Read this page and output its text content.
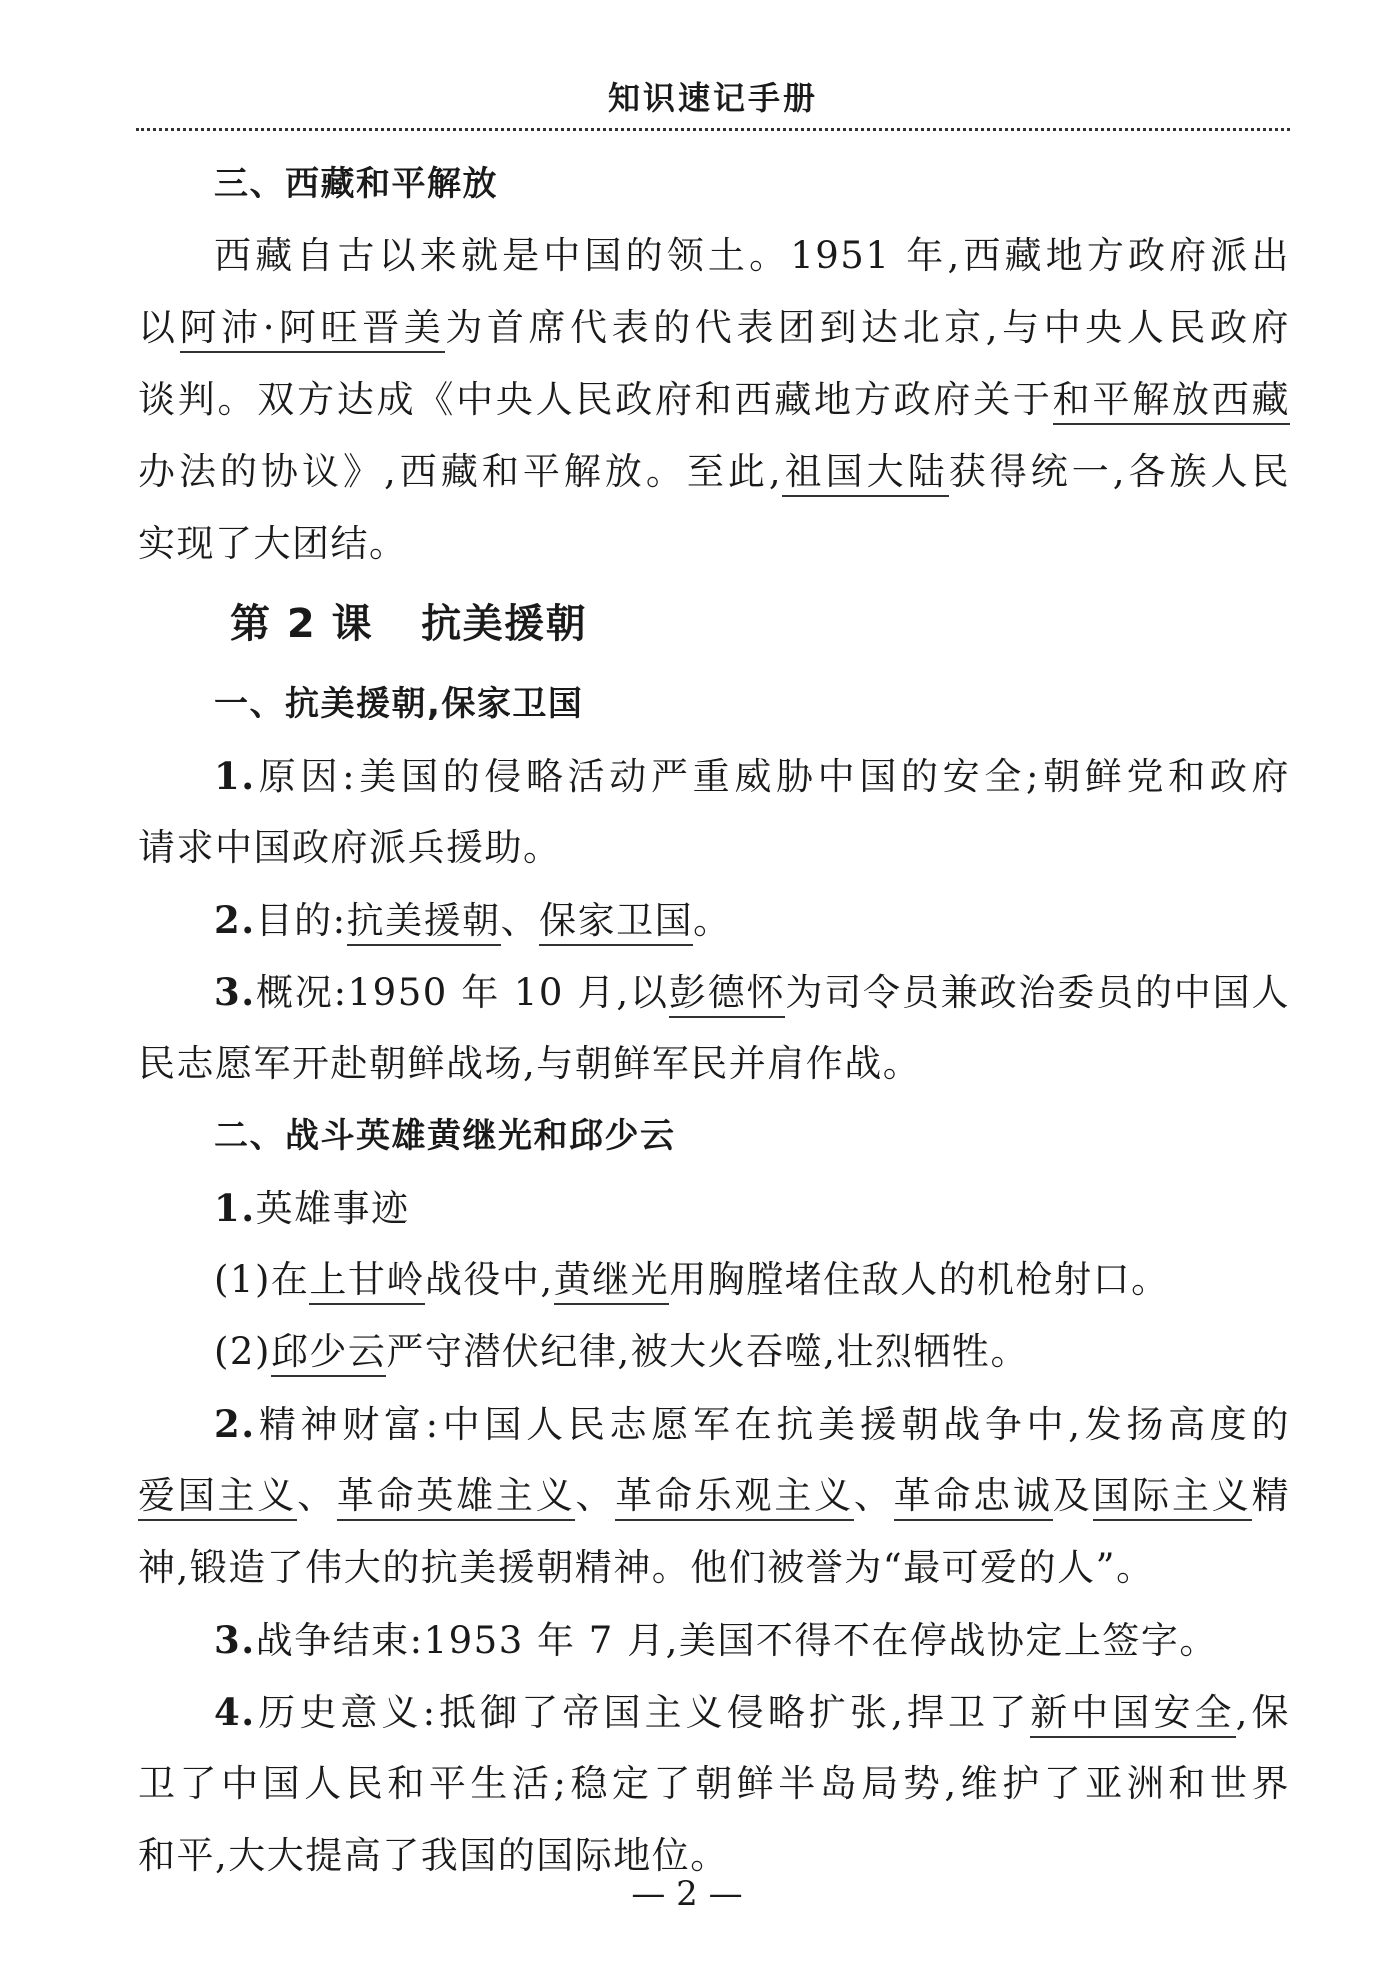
知识速记手册
三、西藏和平解放
西藏自古以来就是中国的领土。1951 年,西藏地方政府派出
以阿沛·阿旺晋美为首席代表的代表团到达北京,与中央人民政府
谈判。双方达成《中央人民政府和西藏地方政府关于和平解放西藏
办法的协议》,西藏和平解放。至此,祖国大陆获得统一,各族人民
实现了大团结。
第 2 课 抗美援朝
一、抗美援朝,保家卫国
1.原因:美国的侵略活动严重威胁中国的安全;朝鲜党和政府
请求中国政府派兵援助。
2.目的:抗美援朝、保家卫国。
3.概况:1950 年 10 月,以彭德怀为司令员兼政治委员的中国人
民志愿军开赴朝鲜战场,与朝鲜军民并肩作战。
二、战斗英雄黄继光和邱少云
1.英雄事迹
(1)在上甘岭战役中,黄继光用胸膛堵住敌人的机枪射口。
(2)邱少云严守潜伏纪律,被大火吞噬,壮烈牺牲。
2.精神财富:中国人民志愿军在抗美援朝战争中,发扬高度的
爱国主义、革命英雄主义、革命乐观主义、革命忠诚及国际主义精
神,锻造了伟大的抗美援朝精神。他们被誉为“最可爱的人”。
3.战争结束:1953 年 7 月,美国不得不在停战协定上签字。
4.历史意义:抵御了帝国主义侵略扩张,捍卫了新中国安全,保
卫了中国人民和平生活;稳定了朝鲜半岛局势,维护了亚洲和世界
和平,大大提高了我国的国际地位。
— 2 —
